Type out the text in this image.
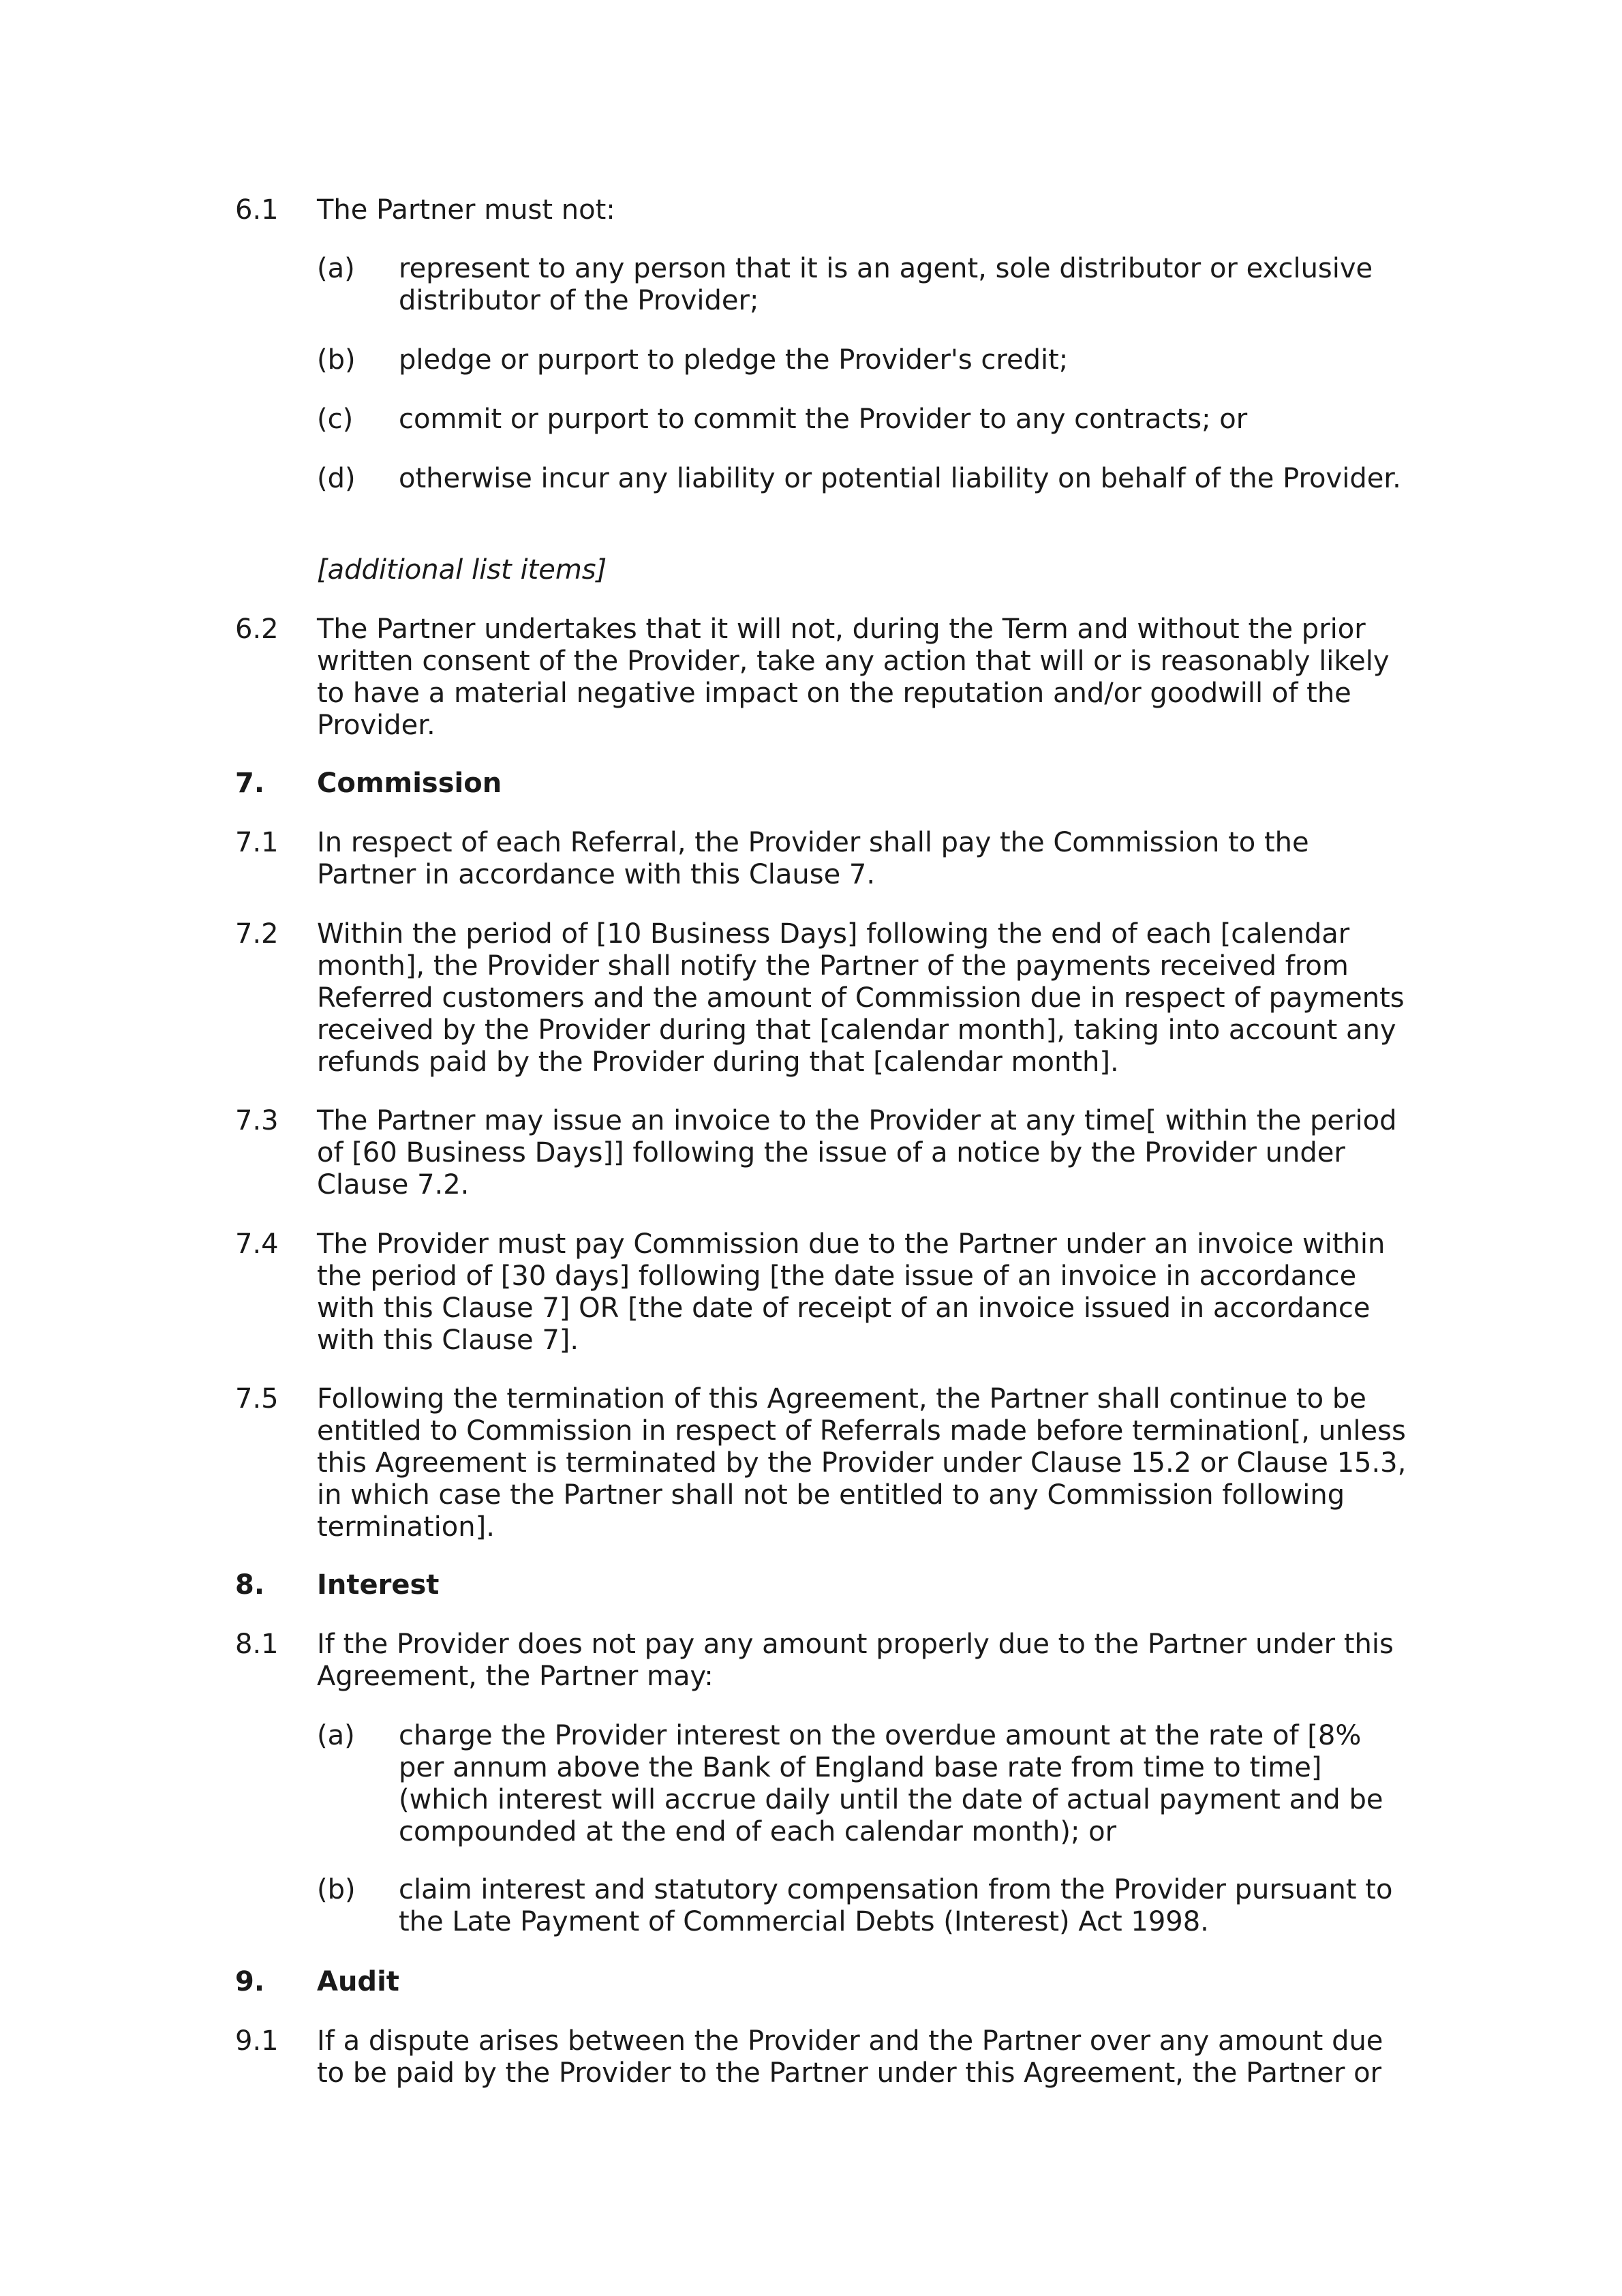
6.1 The Partner must not:
(a) represent to any person that it is an agent, sole distributor or exclusive distributor of the Provider;
(b) pledge or purport to pledge the Provider's credit;
(c) commit or purport to commit the Provider to any contracts; or
(d) otherwise incur any liability or potential liability on behalf of the Provider.
[additional list items]
6.2 The Partner undertakes that it will not, during the Term and without the prior written consent of the Provider, take any action that will or is reasonably likely to have a material negative impact on the reputation and/or goodwill of the Provider.
7. Commission
7.1 In respect of each Referral, the Provider shall pay the Commission to the Partner in accordance with this Clause 7.
7.2 Within the period of [10 Business Days] following the end of each [calendar month], the Provider shall notify the Partner of the payments received from Referred customers and the amount of Commission due in respect of payments received by the Provider during that [calendar month], taking into account any refunds paid by the Provider during that [calendar month].
7.3 The Partner may issue an invoice to the Provider at any time[ within the period of [60 Business Days]] following the issue of a notice by the Provider under Clause 7.2.
7.4 The Provider must pay Commission due to the Partner under an invoice within the period of [30 days] following [the date issue of an invoice in accordance with this Clause 7] OR [the date of receipt of an invoice issued in accordance with this Clause 7].
7.5 Following the termination of this Agreement, the Partner shall continue to be entitled to Commission in respect of Referrals made before termination[, unless this Agreement is terminated by the Provider under Clause 15.2 or Clause 15.3, in which case the Partner shall not be entitled to any Commission following termination].
8. Interest
8.1 If the Provider does not pay any amount properly due to the Partner under this Agreement, the Partner may:
(a) charge the Provider interest on the overdue amount at the rate of [8% per annum above the Bank of England base rate from time to time] (which interest will accrue daily until the date of actual payment and be compounded at the end of each calendar month); or
(b) claim interest and statutory compensation from the Provider pursuant to the Late Payment of Commercial Debts (Interest) Act 1998.
9. Audit
9.1 If a dispute arises between the Provider and the Partner over any amount due to be paid by the Provider to the Partner under this Agreement, the Partner or
